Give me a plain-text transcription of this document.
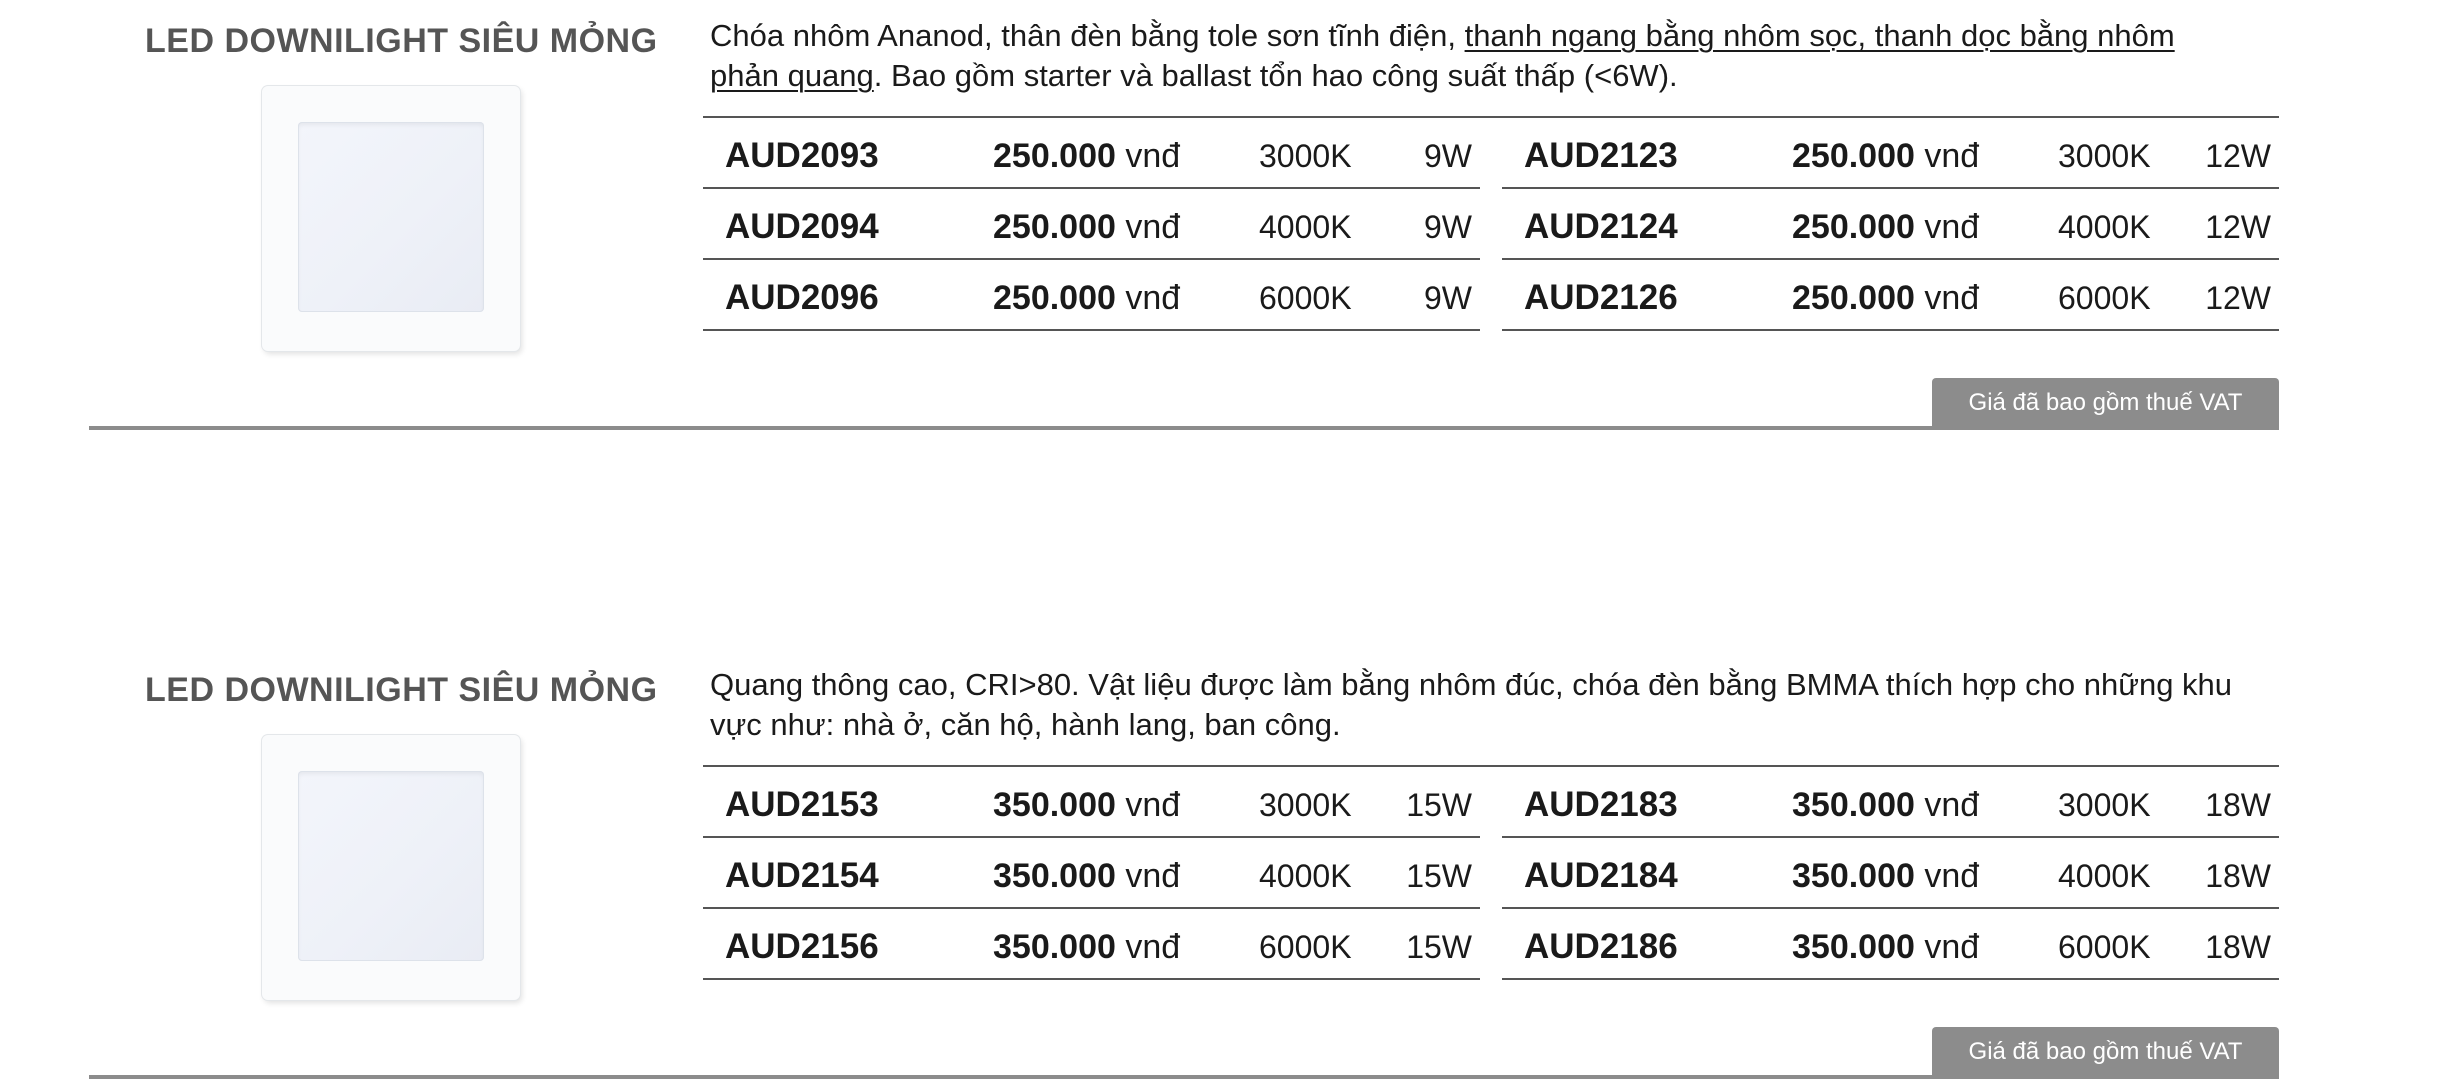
LED DOWNILIGHT SIÊU MỎNG Chóa nhôm Ananod, thân đèn bằng tole sơn tĩnh điện, thanh ngang bằng nhôm sọc, thanh dọc bằng nhôm phản quang. Bao gồm starter và ballast tổn hao công suất thấp (<6W).
AUD2093	250.000 vnđ 3000K 9W
AUD2094	250.000 vnđ 4000K 9W
AUD2096	250.000 vnđ 6000K 9W
AUD2123	250.000 vnđ 3000K 12W
AUD2124	250.000 vnđ 4000K 12W
AUD2126	250.000 vnđ 6000K 12W
Giá đã bao gồm thuế VAT
LED DOWNILIGHT SIÊU MỎNG Quang thông cao, CRI>80. Vật liệu được làm bằng nhôm đúc, chóa đèn bằng BMMA thích hợp cho những khu vực như: nhà ở, căn hộ, hành lang, ban công.
AUD2153	350.000 vnđ 3000K 15W
AUD2154	350.000 vnđ 4000K 15W
AUD2156	350.000 vnđ 6000K 15W
AUD2183	350.000 vnđ 3000K 18W
AUD2184	350.000 vnđ 4000K 18W
AUD2186	350.000 vnđ 6000K 18W
Giá đã bao gồm thuế VAT
